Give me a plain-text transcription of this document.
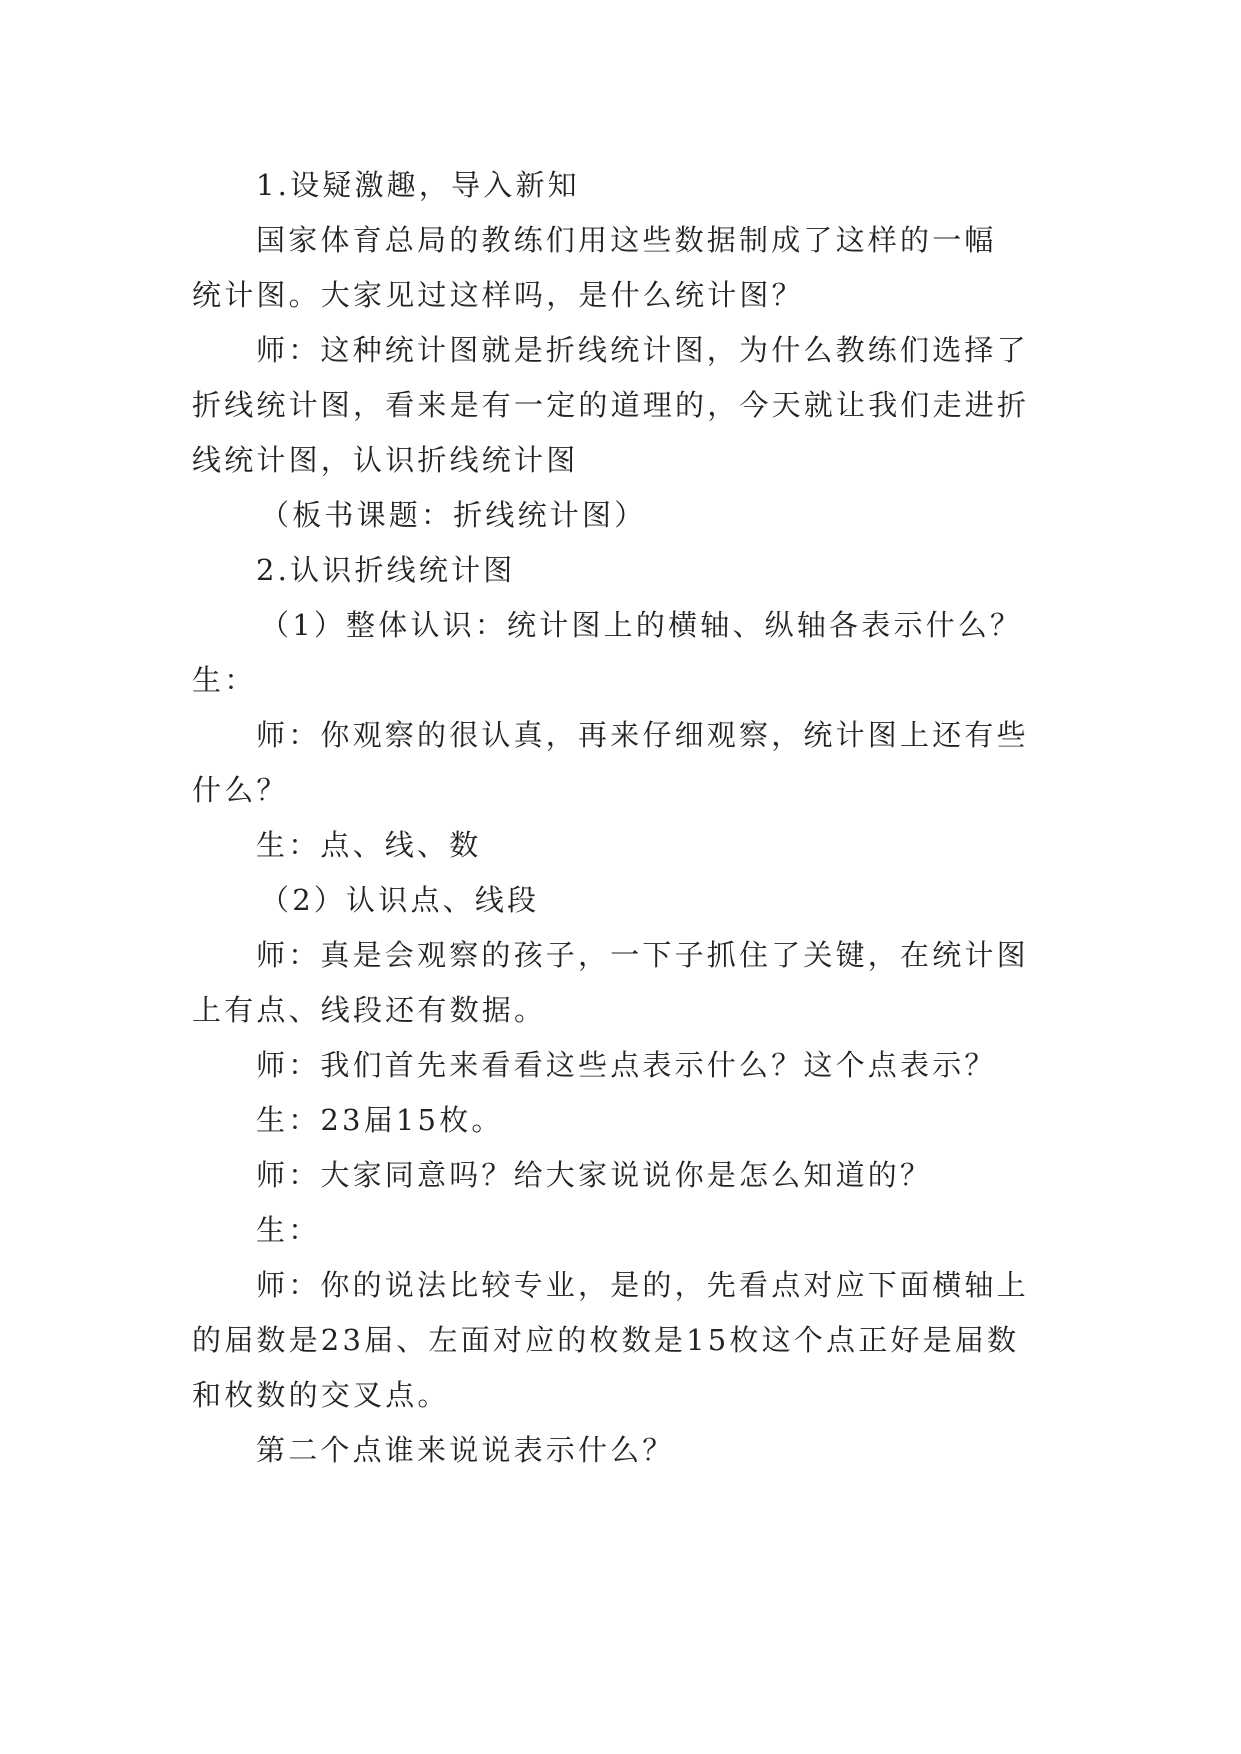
1.设疑激趣，导入新知
国家体育总局的教练们用这些数据制成了这样的一幅
统计图。大家见过这样吗，是什么统计图？
师：这种统计图就是折线统计图，为什么教练们选择了
折线统计图，看来是有一定的道理的，今天就让我们走进折
线统计图，认识折线统计图
（板书课题：折线统计图）
2.认识折线统计图
（1）整体认识：统计图上的横轴、纵轴各表示什么？
生：
师：你观察的很认真，再来仔细观察，统计图上还有些
什么？
生：点、线、数
（2）认识点、线段
师：真是会观察的孩子，一下子抓住了关键，在统计图
上有点、线段还有数据。
师：我们首先来看看这些点表示什么？这个点表示？
生：23届15枚。
师：大家同意吗？给大家说说你是怎么知道的？
生：
师：你的说法比较专业，是的，先看点对应下面横轴上
的届数是23届、左面对应的枚数是15枚这个点正好是届数
和枚数的交叉点。
第二个点谁来说说表示什么？
